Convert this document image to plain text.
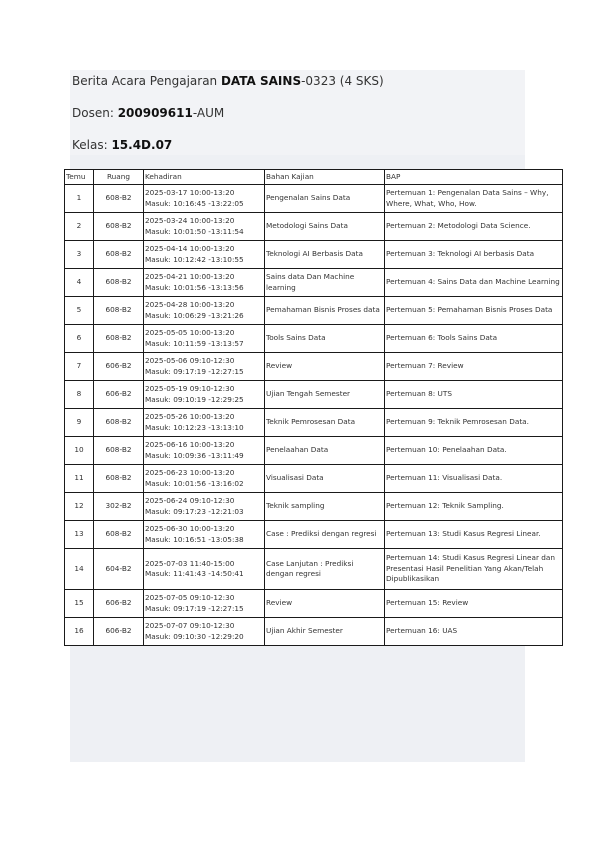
Berita Acara Pengajaran DATA SAINS-0323 (4 SKS)
Dosen: 200909611-AUM
Kelas: 15.4D.07
Temu	Ruang	Kehadiran	Bahan Kajian	BAP
1	608-B2	2025-03-17 10:00-13:20
Masuk: 10:16:45 -13:22:05	Pengenalan Sains Data	Pertemuan 1: Pengenalan Data Sains – Why, Where, What, Who, How.
2	608-B2	2025-03-24 10:00-13:20
Masuk: 10:01:50 -13:11:54	Metodologi Sains Data	Pertemuan 2: Metodologi Data Science.
3	608-B2	2025-04-14 10:00-13:20
Masuk: 10:12:42 -13:10:55	Teknologi AI Berbasis Data	Pertemuan 3: Teknologi AI berbasis Data
4	608-B2	2025-04-21 10:00-13:20
Masuk: 10:01:56 -13:13:56	Sains data Dan Machine learning	Pertemuan 4: Sains Data dan Machine Learning
5	608-B2	2025-04-28 10:00-13:20
Masuk: 10:06:29 -13:21:26	Pemahaman Bisnis Proses data	Pertemuan 5: Pemahaman Bisnis Proses Data
6	608-B2	2025-05-05 10:00-13:20
Masuk: 10:11:59 -13:13:57	Tools Sains Data	Pertemuan 6: Tools Sains Data
7	606-B2	2025-05-06 09:10-12:30
Masuk: 09:17:19 -12:27:15	Review	Pertemuan 7: Review
8	606-B2	2025-05-19 09:10-12:30
Masuk: 09:10:19 -12:29:25	Ujian Tengah Semester	Pertemuan 8: UTS
9	608-B2	2025-05-26 10:00-13:20
Masuk: 10:12:23 -13:13:10	Teknik Pemrosesan Data	Pertemuan 9: Teknik Pemrosesan Data.
10	608-B2	2025-06-16 10:00-13:20
Masuk: 10:09:36 -13:11:49	Penelaahan Data	Pertemuan 10: Penelaahan Data.
11	608-B2	2025-06-23 10:00-13:20
Masuk: 10:01:56 -13:16:02	Visualisasi Data	Pertemuan 11: Visualisasi Data.
12	302-B2	2025-06-24 09:10-12:30
Masuk: 09:17:23 -12:21:03	Teknik sampling	Pertemuan 12: Teknik Sampling.
13	608-B2	2025-06-30 10:00-13:20
Masuk: 10:16:51 -13:05:38	Case : Prediksi dengan regresi	Pertemuan 13: Studi Kasus Regresi Linear.
14	604-B2	2025-07-03 11:40-15:00
Masuk: 11:41:43 -14:50:41	Case Lanjutan : Prediksi dengan regresi	Pertemuan 14: Studi Kasus Regresi Linear dan Presentasi Hasil Penelitian Yang Akan/Telah Dipublikasikan
15	606-B2	2025-07-05 09:10-12:30
Masuk: 09:17:19 -12:27:15	Review	Pertemuan 15: Review
16	606-B2	2025-07-07 09:10-12:30
Masuk: 09:10:30 -12:29:20	Ujian Akhir Semester	Pertemuan 16: UAS
